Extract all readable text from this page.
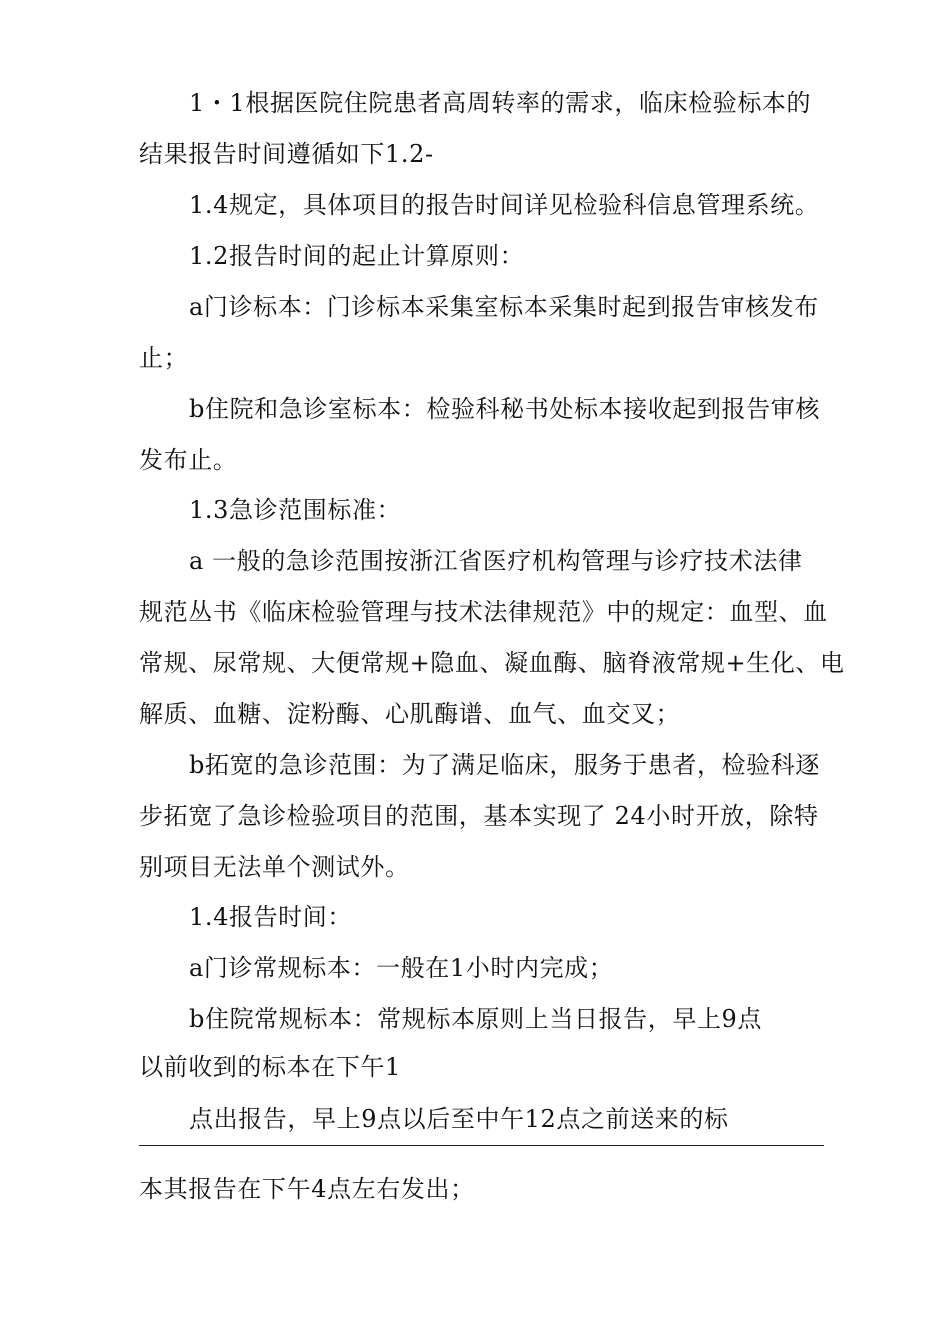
1・1根据医院住院患者高周转率的需求，临床检验标本的
结果报告时间遵循如下1.2-
1.4规定，具体项目的报告时间详见检验科信息管理系统。
1.2报告时间的起止计算原则：
a门诊标本：门诊标本采集室标本采集时起到报告审核发布
止；
b住院和急诊室标本：检验科秘书处标本接收起到报告审核
发布止。
1.3急诊范围标准：
a 一般的急诊范围按浙江省医疗机构管理与诊疗技术法律
规范丛书《临床检验管理与技术法律规范》中的规定：血型、血
常规、尿常规、大便常规+隐血、凝血酶、脑脊液常规+生化、电
解质、血糖、淀粉酶、心肌酶谱、血气、血交叉；
b拓宽的急诊范围：为了满足临床，服务于患者，检验科逐
步拓宽了急诊检验项目的范围，基本实现了 24小时开放，除特
别项目无法单个测试外。
1.4报告时间：
a门诊常规标本：一般在1小时内完成；
b住院常规标本：常规标本原则上当日报告，早上9点
以前收到的标本在下午1
点出报告，早上9点以后至中午12点之前送来的标
本其报告在下午4点左右发出；
